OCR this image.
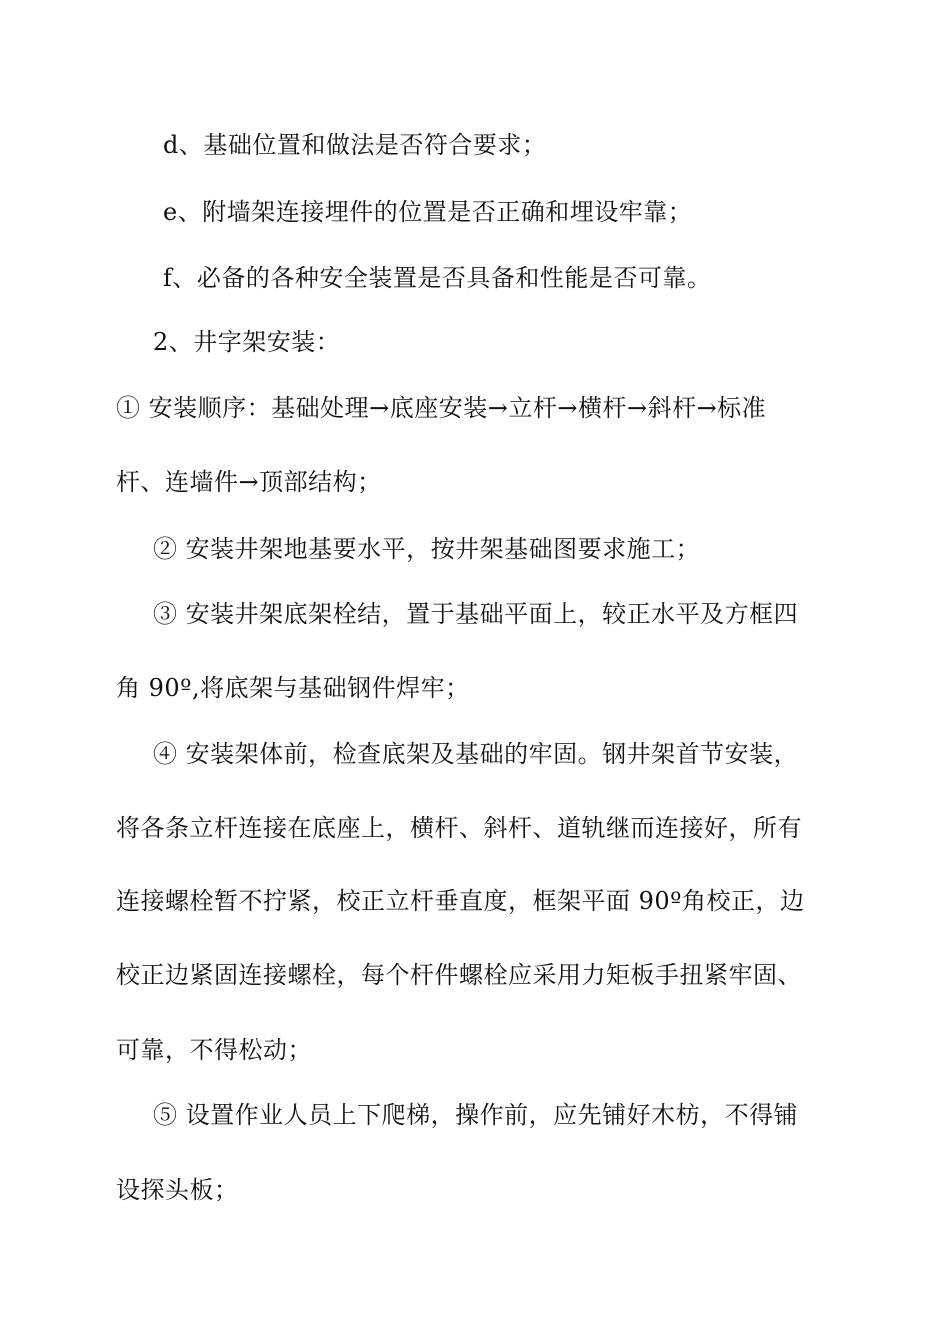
d、基础位置和做法是否符合要求；
e、附墙架连接埋件的位置是否正确和埋设牢靠；
f、必备的各种安全装置是否具备和性能是否可靠。
2、井字架安装：
① 安装顺序：基础处理→底座安装→立杆→横杆→斜杆→标准
杆、连墙件→顶部结构；
② 安装井架地基要水平，按井架基础图要求施工；
③ 安装井架底架栓结，置于基础平面上，较正水平及方框四
角 90º,将底架与基础钢件焊牢；
④ 安装架体前，检查底架及基础的牢固。钢井架首节安装，
将各条立杆连接在底座上，横杆、斜杆、道轨继而连接好，所有
连接螺栓暂不拧紧，校正立杆垂直度，框架平面 90º角校正，边
校正边紧固连接螺栓，每个杆件螺栓应采用力矩板手扭紧牢固、
可靠，不得松动；
⑤ 设置作业人员上下爬梯，操作前，应先铺好木枋，不得铺
设探头板；
